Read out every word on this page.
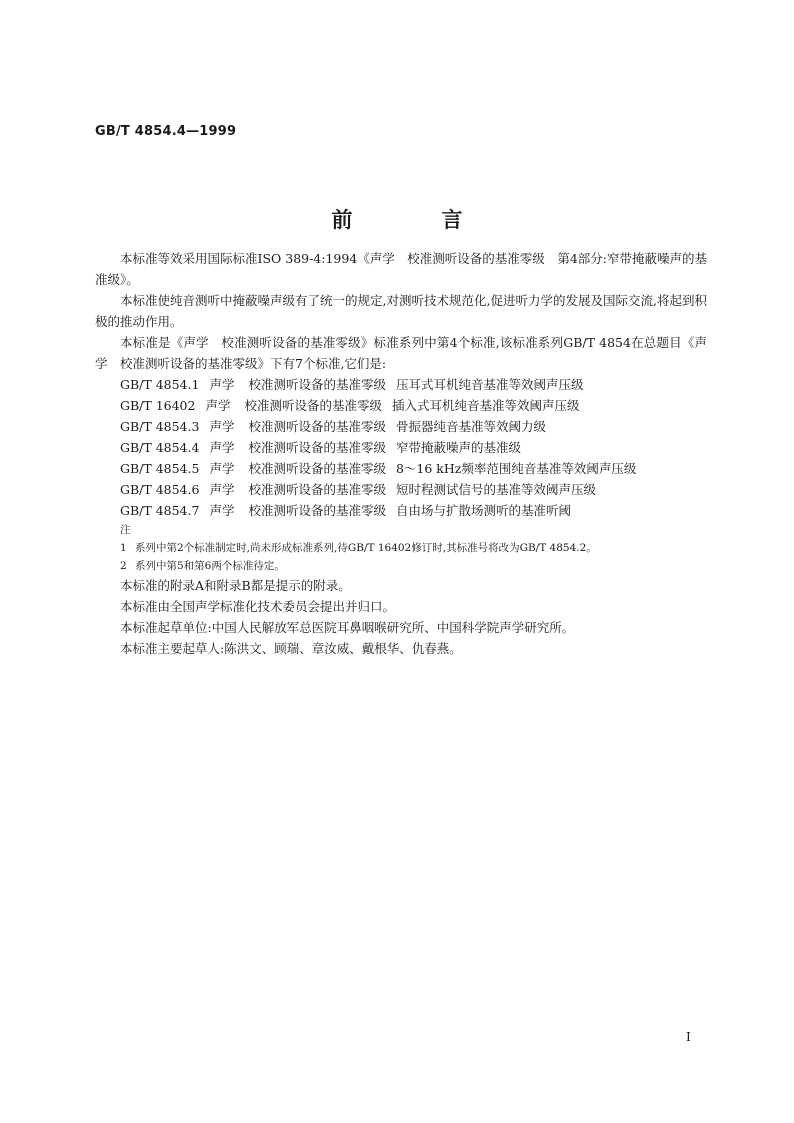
GB/T 4854.4—1999
前　言

本标准等效采用国际标准ISO 389-4:1994《声学　校准测听设备的基准零级　第4部分:窄带掩蔽噪声的基准级》。

本标准使纯音测听中掩蔽噪声级有了统一的规定,对测听技术规范化,促进听力学的发展及国际交流,将起到积极的推动作用。

本标准是《声学　校准测听设备的基准零级》标准系列中第4个标准,该标准系列GB/T 4854在总题目《声学　校准测听设备的基准零级》下有7个标准,它们是:

GB/T 4854.1 声学 校准测听设备的基准零级 压耳式耳机纯音基准等效阈声压级
GB/T 16402 声学 校准测听设备的基准零级 插入式耳机纯音基准等效阈声压级
GB/T 4854.3 声学 校准测听设备的基准零级 骨振器纯音基准等效阈力级
GB/T 4854.4 声学 校准测听设备的基准零级 窄带掩蔽噪声的基准级
GB/T 4854.5 声学 校准测听设备的基准零级 8～16 kHz频率范围纯音基准等效阈声压级
GB/T 4854.6 声学 校准测听设备的基准零级 短时程测试信号的基准等效阈声压级
GB/T 4854.7 声学 校准测听设备的基准零级 自由场与扩散场测听的基准听阈
注
1 系列中第2个标准制定时,尚未形成标准系列,待GB/T 16402修订时,其标准号将改为GB/T 4854.2。
2 系列中第5和第6两个标准待定。

本标准的附录A和附录B都是提示的附录。

本标准由全国声学标准化技术委员会提出并归口。

本标准起草单位:中国人民解放军总医院耳鼻咽喉研究所、中国科学院声学研究所。

本标准主要起草人:陈洪文、顾瑞、章汝威、戴根华、仇春燕。

I
